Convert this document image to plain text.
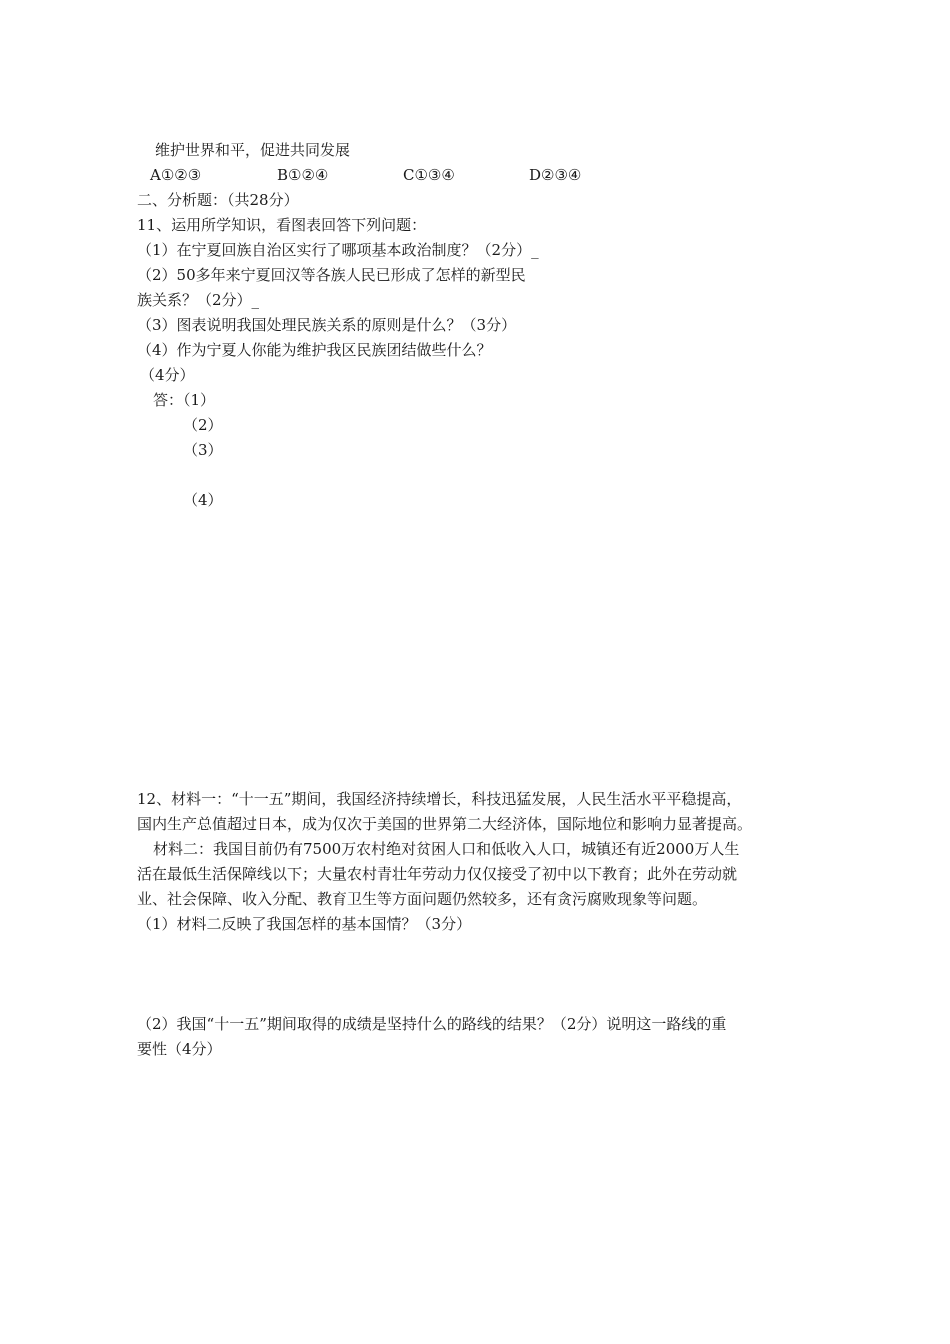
维护世界和平，促进共同发展
A①②③	B①②④	C①③④	D②③④
二、分析题：（共28分）
11、运用所学知识，看图表回答下列问题：
（1）在宁夏回族自治区实行了哪项基本政治制度？（2分）_
（2）50多年来宁夏回汉等各族人民已形成了怎样的新型民
族关系？（2分）_
（3）图表说明我国处理民族关系的原则是什么？（3分）
（4）作为宁夏人你能为维护我区民族团结做些什么？
（4分）
答：（1）
（2）
（3）
（4）
12、材料一：“十一五”期间，我国经济持续增长，科技迅猛发展，人民生活水平平稳提高，
国内生产总值超过日本，成为仅次于美国的世界第二大经济体，国际地位和影响力显著提高。
材料二：我国目前仍有7500万农村绝对贫困人口和低收入人口，城镇还有近2000万人生
活在最低生活保障线以下；大量农村青壮年劳动力仅仅接受了初中以下教育；此外在劳动就
业、社会保障、收入分配、教育卫生等方面问题仍然较多，还有贪污腐败现象等问题。
（1）材料二反映了我国怎样的基本国情？（3分）
（2）我国“十一五”期间取得的成绩是坚持什么的路线的结果？（2分）说明这一路线的重
要性（4分）
